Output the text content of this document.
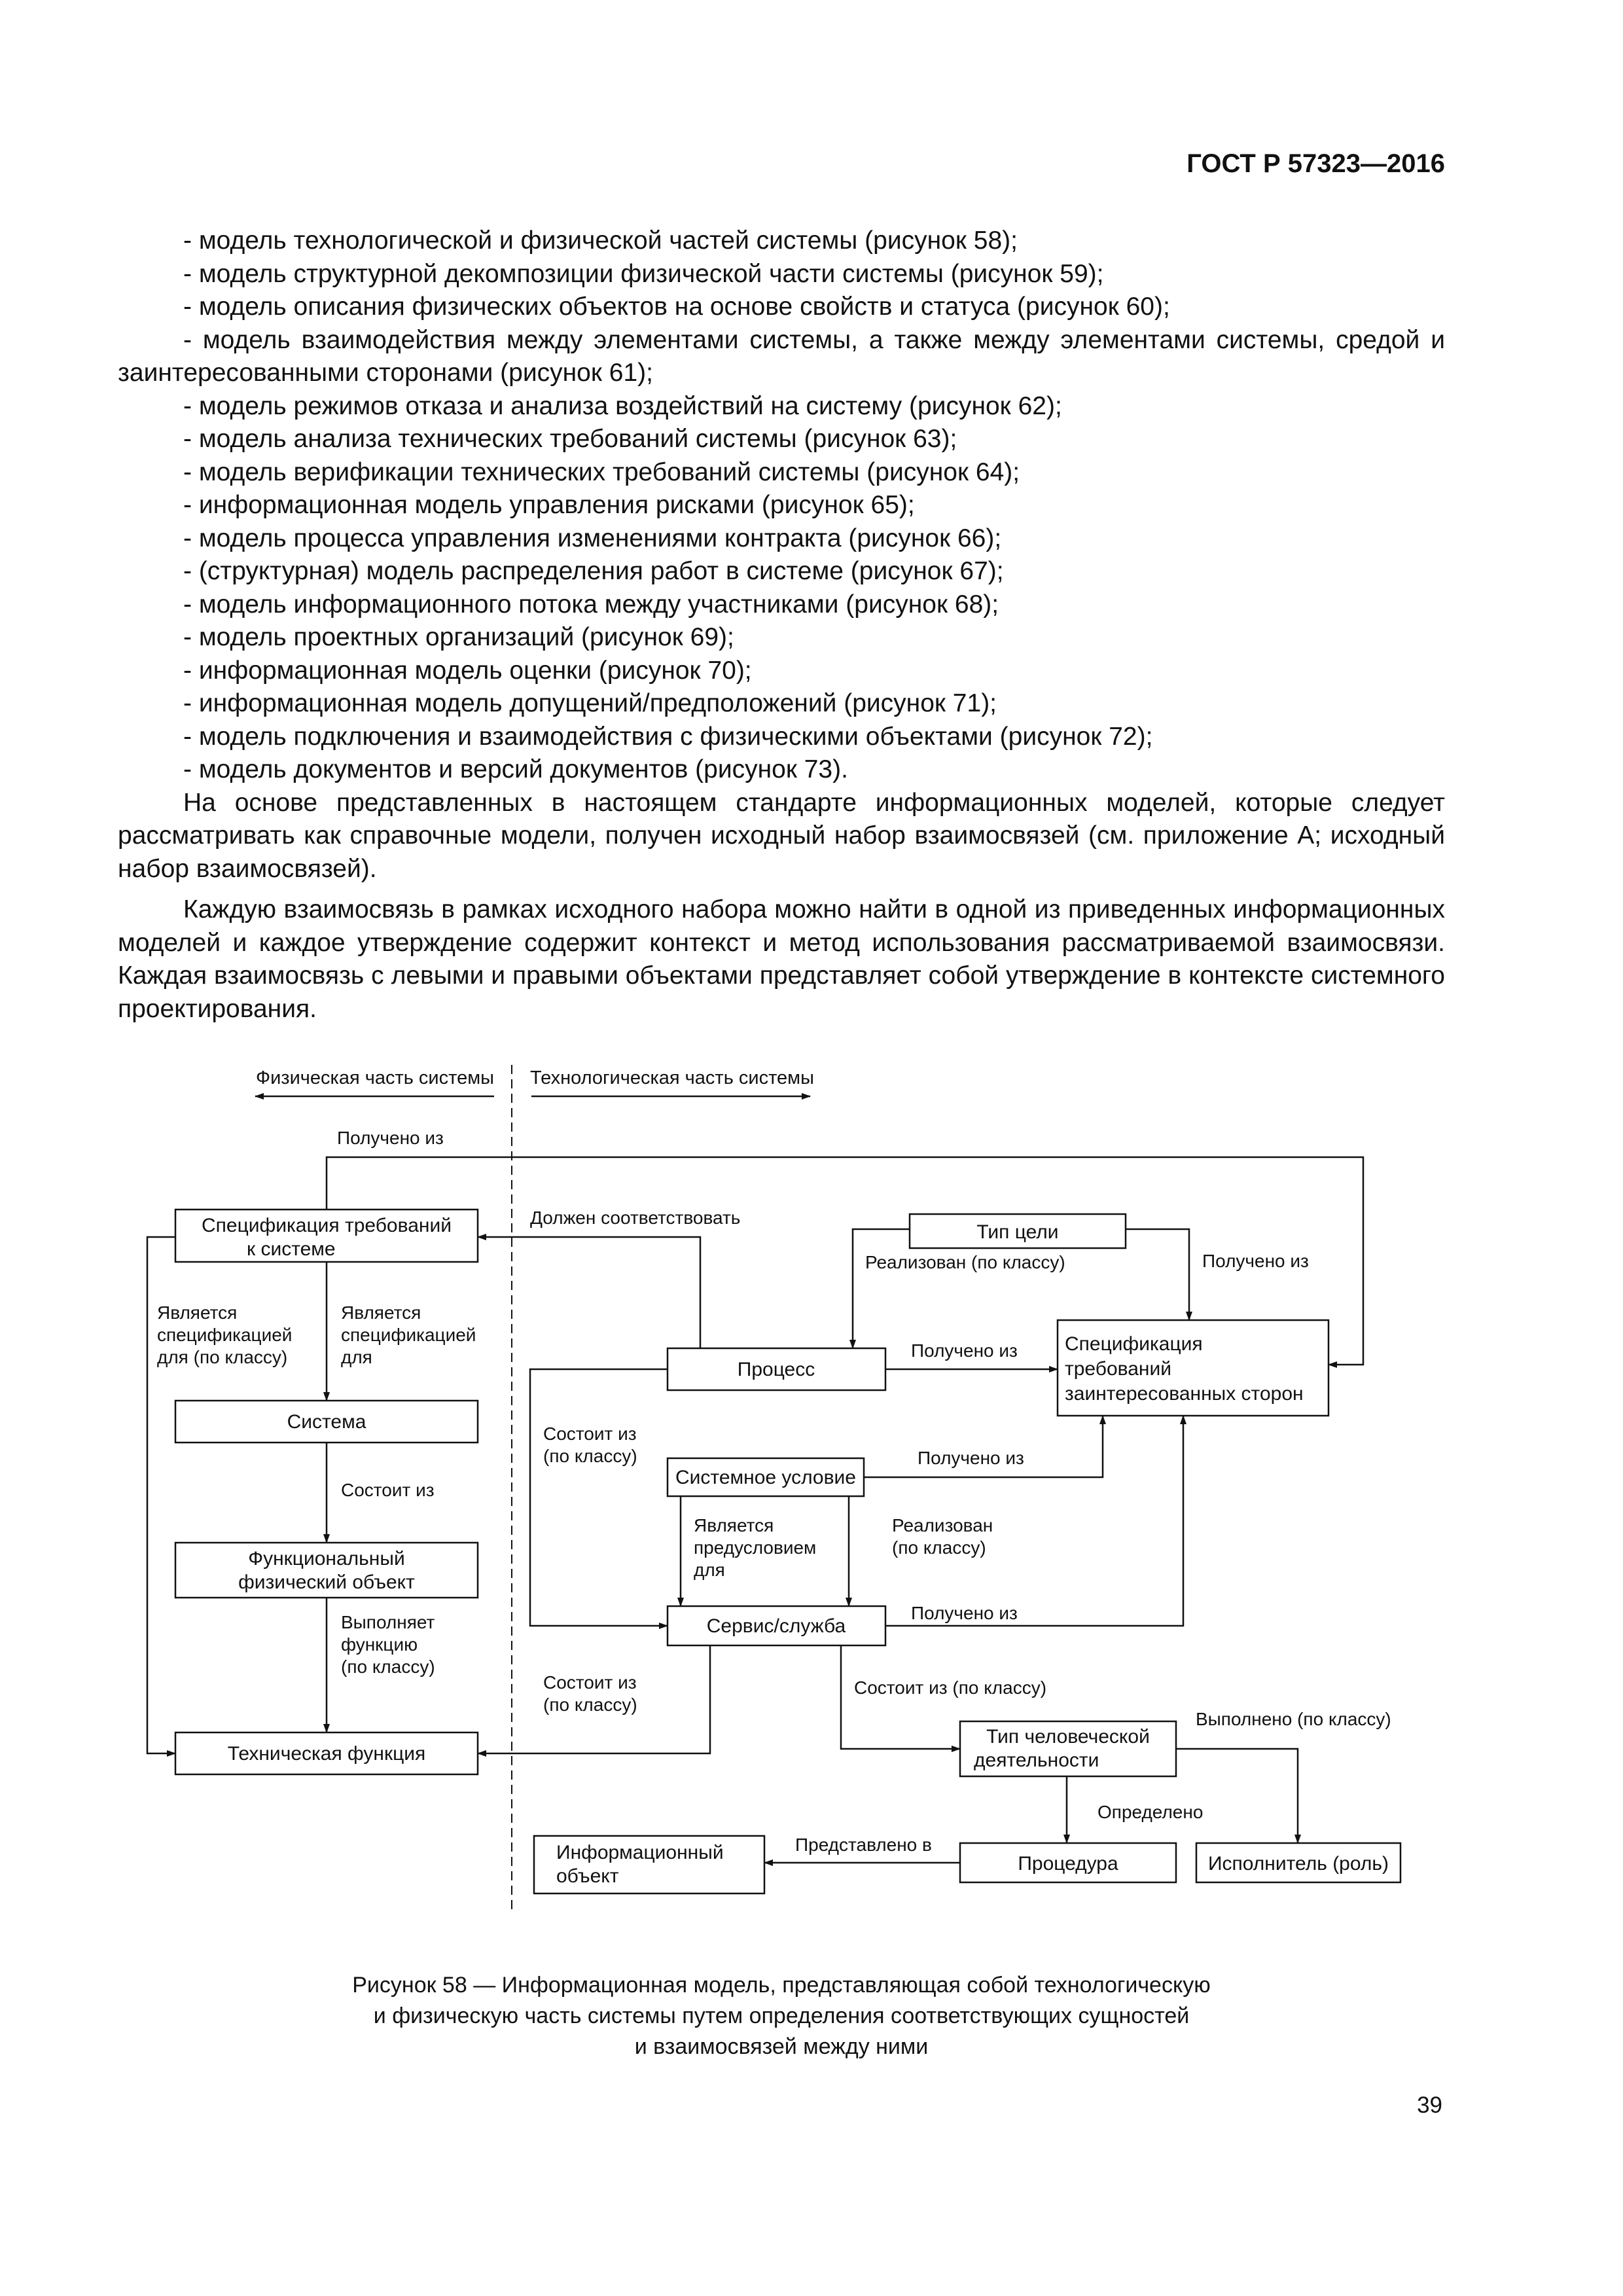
ГОСТ Р 57323—2016

- модель технологической и физической частей системы (рисунок 58);

- модель структурной декомпозиции физической части системы (рисунок 59);

- модель описания физических объектов на основе свойств и статуса (рисунок 60);

- модель взаимодействия между элементами системы, а также между элементами системы, средой и заинтересованными сторонами (рисунок 61);

- модель режимов отказа и анализа воздействий на систему (рисунок 62);

- модель анализа технических требований системы (рисунок 63);

- модель верификации технических требований системы (рисунок 64);

- информационная модель управления рисками (рисунок 65);

- модель процесса управления изменениями контракта (рисунок 66);

- (структурная) модель распределения работ в системе (рисунок 67);

- модель информационного потока между участниками (рисунок 68);

- модель проектных организаций (рисунок 69);

- информационная модель оценки (рисунок 70);

- информационная модель допущений/предположений (рисунок 71);

- модель подключения и взаимодействия с физическими объектами (рисунок 72);

- модель документов и версий документов (рисунок 73).

На основе представленных в настоящем стандарте информационных моделей, которые следует рассматривать как справочные модели, получен исходный набор взаимосвязей (см. приложение А; исходный набор взаимосвязей).

Каждую взаимосвязь в рамках исходного набора можно найти в одной из приведенных информационных моделей и каждое утверждение содержит контекст и метод использования рассматриваемой взаимосвязи. Каждая взаимосвязь с левыми и правыми объектами представляет собой утверждение в контексте системного проектирования.

Физическая часть системы Технологическая часть системы
Спецификация требований
к системе
Система
Функциональный
физический объект
Техническая функция
Тип цели
Процесс
Спецификация
требований
заинтересованных сторон
Системное условие
Сервис/служба
Тип человеческой
деятельности
Информационный
объект
Процедура	Исполнитель (роль)
Получено из
Должен соответствовать
Является
спецификацией
для (по классу)
Является
спецификацией
для
Состоит из
Выполняет
функцию
(по классу)
Реализован (по классу)	Получено из
Получено из
Состоит из
(по классу)	Получено из
Является
предусловием
для
Реализован
(по классу)
Получено из
Состоит из
(по классу)
Состоит из (по классу)
Выполнено (по классу)
Определено
Представлено в
Рисунок 58 — Информационная модель, представляющая собой технологическую
и физическую часть системы путем определения соответствующих сущностей
и взаимосвязей между ними
39
